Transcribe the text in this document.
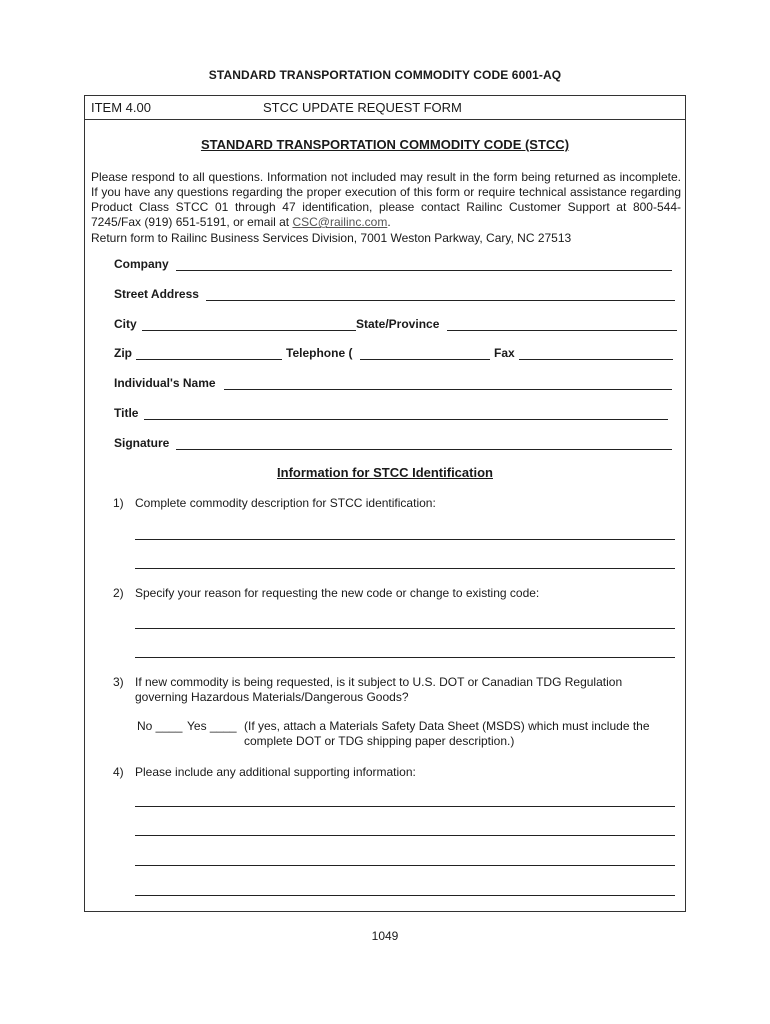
STANDARD TRANSPORTATION COMMODITY CODE 6001-AQ
ITEM 4.00	STCC UPDATE REQUEST FORM
STANDARD TRANSPORTATION COMMODITY CODE (STCC)
Please respond to all questions. Information not included may result in the form being returned as incomplete. If you have any questions regarding the proper execution of this form or require technical assistance regarding Product Class STCC 01 through 47 identification, please contact Railinc Customer Support at 800-544-7245/Fax (919) 651-5191, or email at CSC@railinc.com.
Return form to Railinc Business Services Division, 7001 Weston Parkway, Cary, NC 27513
Company
Street Address
City	State/Province
Zip	Telephone (	Fax
Individual's Name
Title
Signature
Information for STCC Identification
1) Complete commodity description for STCC identification:
2) Specify your reason for requesting the new code or change to existing code:
3) If new commodity is being requested, is it subject to U.S. DOT or Canadian TDG Regulation
governing Hazardous Materials/Dangerous Goods?
No ____ Yes ____ (If yes, attach a Materials Safety Data Sheet (MSDS) which must include the
complete DOT or TDG shipping paper description.)
4) Please include any additional supporting information:
1049
